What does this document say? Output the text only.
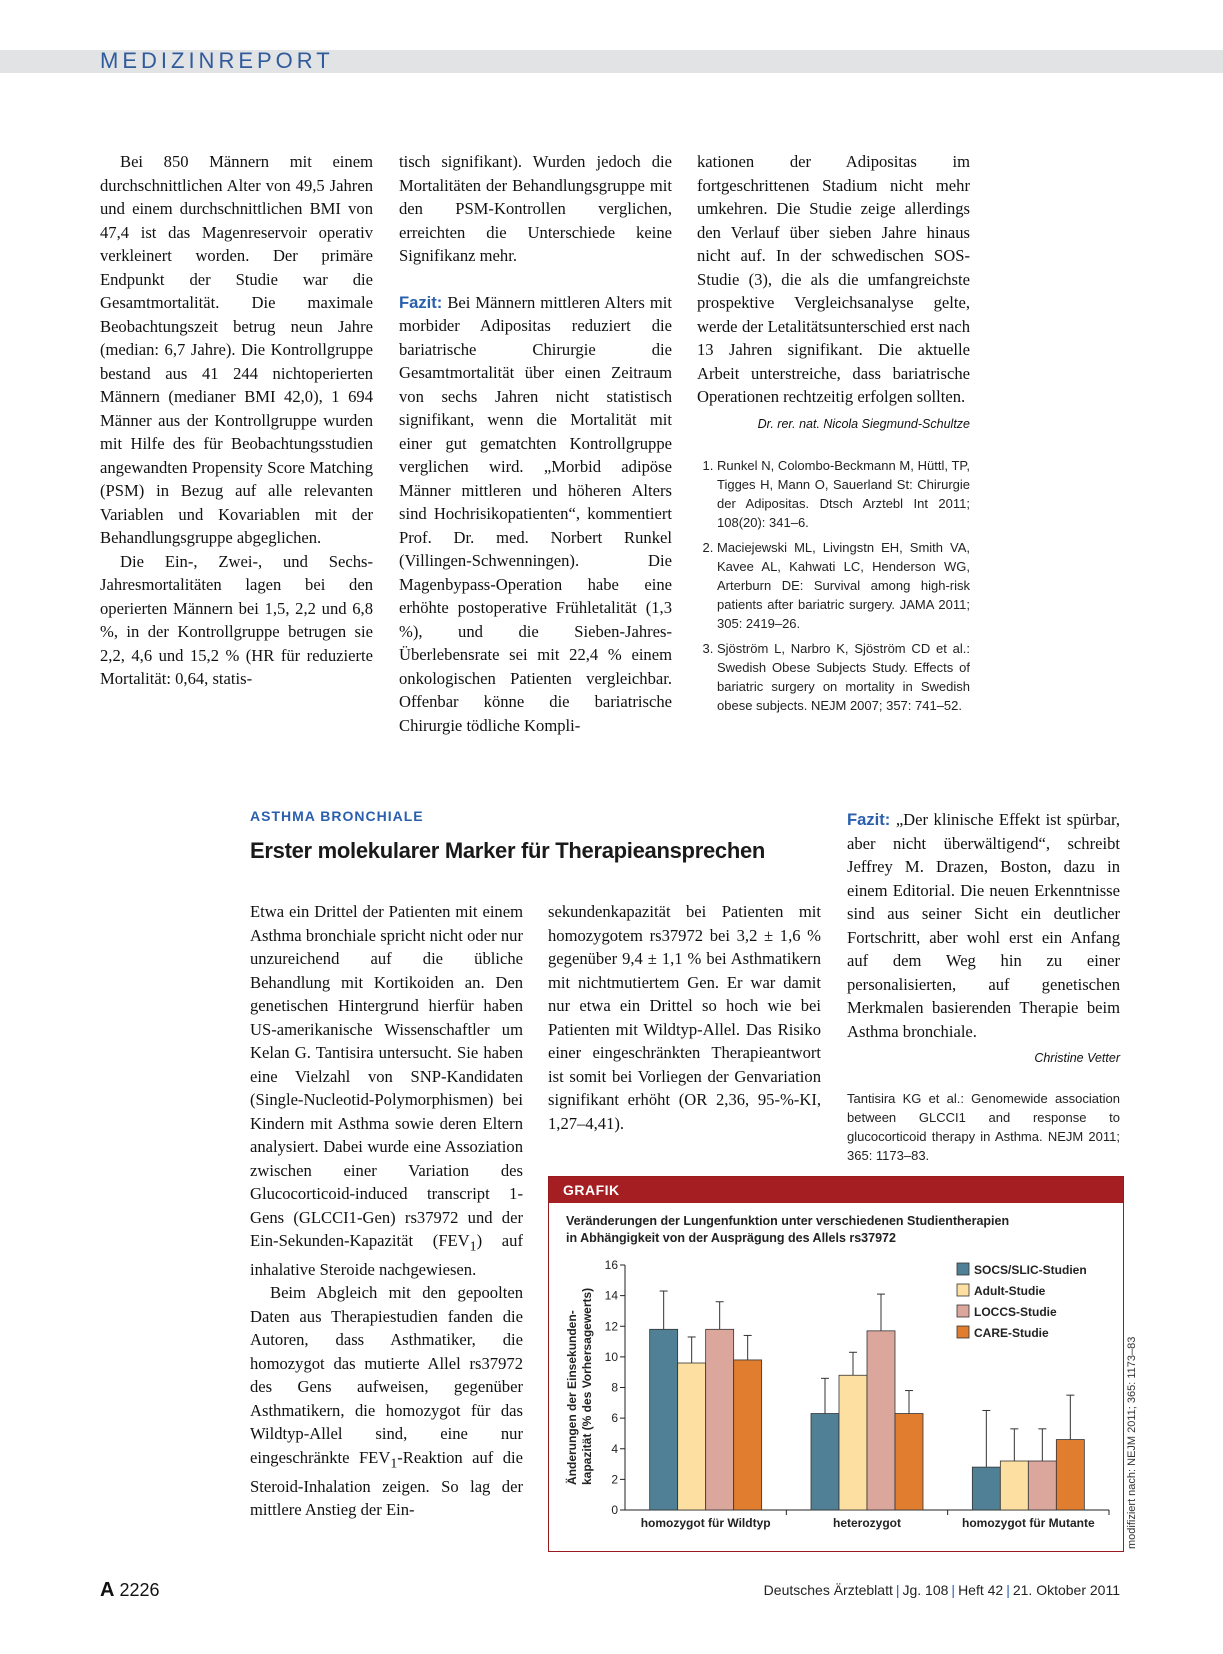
MEDIZINREPORT

Bei 850 Männern mit einem durchschnittlichen Alter von 49,5 Jahren und einem durchschnittlichen BMI von 47,4 ist das Magenreservoir operativ verkleinert worden. Der primäre Endpunkt der Studie war die Gesamtmortalität. Die maximale Beobachtungszeit betrug neun Jahre (median: 6,7 Jahre). Die Kontrollgruppe bestand aus 41 244 nichtoperierten Männern (medianer BMI 42,0), 1 694 Männer aus der Kontrollgruppe wurden mit Hilfe des für Beobachtungsstudien angewandten Propensity Score Matching (PSM) in Bezug auf alle relevanten Variablen und Kovariablen mit der Behandlungsgruppe abgeglichen.

Die Ein-, Zwei-, und Sechs-Jahresmortalitäten lagen bei den operierten Männern bei 1,5, 2,2 und 6,8 %, in der Kontrollgruppe betrugen sie 2,2, 4,6 und 15,2 % (HR für reduzierte Mortalität: 0,64, statis-

tisch signifikant). Wurden jedoch die Mortalitäten der Behandlungsgruppe mit den PSM-Kontrollen verglichen, erreichten die Unterschiede keine Signifikanz mehr.

Fazit: Bei Männern mittleren Alters mit morbider Adipositas reduziert die bariatrische Chirurgie die Gesamtmortalität über einen Zeitraum von sechs Jahren nicht statistisch signifikant, wenn die Mortalität mit einer gut gematchten Kontrollgruppe verglichen wird. „Morbid adipöse Männer mittleren und höheren Alters sind Hochrisikopatienten“, kommentiert Prof. Dr. med. Norbert Runkel (Villingen-Schwenningen). Die Magenbypass-Operation habe eine erhöhte postoperative Frühletalität (1,3 %), und die Sieben-Jahres-Überlebensrate sei mit 22,4 % einem onkologischen Patienten vergleichbar. Offenbar könne die bariatrische Chirurgie tödliche Kompli-

kationen der Adipositas im fortgeschrittenen Stadium nicht mehr umkehren. Die Studie zeige allerdings den Verlauf über sieben Jahre hinaus nicht auf. In der schwedischen SOS-Studie (3), die als die umfangreichste prospektive Vergleichsanalyse gelte, werde der Letalitätsunterschied erst nach 13 Jahren signifikant. Die aktuelle Arbeit unterstreiche, dass bariatrische Operationen rechtzeitig erfolgen sollten.

Dr. rer. nat. Nicola Siegmund-Schultze
1. Runkel N, Colombo-Beckmann M, Hüttl, TP, Tigges H, Mann O, Sauerland St: Chirurgie der Adipositas. Dtsch Arztebl Int 2011; 108(20): 341–6.
2. Maciejewski ML, Livingstn EH, Smith VA, Kavee AL, Kahwati LC, Henderson WG, Arterburn DE: Survival among high-risk patients after bariatric surgery. JAMA 2011; 305: 2419–26.
3. Sjöström L, Narbro K, Sjöström CD et al.: Swedish Obese Subjects Study. Effects of bariatric surgery on mortality in Swedish obese subjects. NEJM 2007; 357: 741–52.
ASTHMA BRONCHIALE
Erster molekularer Marker für Therapieansprechen

Etwa ein Drittel der Patienten mit einem Asthma bronchiale spricht nicht oder nur unzureichend auf die übliche Behandlung mit Kortikoiden an. Den genetischen Hintergrund hierfür haben US-amerikanische Wissenschaftler um Kelan G. Tantisira untersucht. Sie haben eine Vielzahl von SNP-Kandidaten (Single-Nucleotid-Polymorphismen) bei Kindern mit Asthma sowie deren Eltern analysiert. Dabei wurde eine Assoziation zwischen einer Variation des Glucocorticoid-induced transcript 1-Gens (GLCCI1-Gen) rs37972 und der Ein-Sekunden-Kapazität $(FEV_1)$ auf inhalative Steroide nachgewiesen.

Beim Abgleich mit den gepoolten Daten aus Therapiestudien fanden die Autoren, dass Asthmatiker, die homozygot das mutierte Allel rs37972 des Gens aufweisen, gegenüber Asthmatikern, die homozygot für das Wildtyp-Allel sind, eine nur eingeschränkte $FEV_1$-Reaktion auf die Steroid-Inhalation zeigen. So lag der mittlere Anstieg der Ein-

sekundenkapazität bei Patienten mit homozygotem rs37972 bei 3,2 ± 1,6 % gegenüber 9,4 ± 1,1 % bei Asthmatikern mit nichtmutiertem Gen. Er war damit nur etwa ein Drittel so hoch wie bei Patienten mit Wildtyp-Allel. Das Risiko einer eingeschränkten Therapieantwort ist somit bei Vorliegen der Genvariation signifikant erhöht (OR 2,36, 95-%-KI, 1,27–4,41).

Fazit: „Der klinische Effekt ist spürbar, aber nicht überwältigend“, schreibt Jeffrey M. Drazen, Boston, dazu in einem Editorial. Die neuen Erkenntnisse sind aus seiner Sicht ein deutlicher Fortschritt, aber wohl erst ein Anfang auf dem Weg hin zu einer personalisierten, auf genetischen Merkmalen basierenden Therapie beim Asthma bronchiale.

Christine Vetter
Tantisira KG et al.: Genomewide association between GLCCI1 and response to glucocorticoid therapy in Asthma. NEJM 2011; 365: 1173–83.
GRAFIK
Veränderungen der Lungenfunktion unter verschiedenen Studientherapien
in Abhängigkeit von der Ausprägung des Allels rs37972
0
2
4
6
8
10
12
14
16
homozygot für Wildtyp	heterozygot	homozygot für Mutante
SOCS/SLIC-Studien
Adult-Studie
LOCCS-Studie
CARE-Studie
Änderungen der Einsekunden- kapazität (% des Vorhersagewerts)	modifiziert nach: NEJM 2011; 365: 1173–83
A 2226	Deutsches Ärzteblatt | Jg. 108 | Heft 42 | 21. Oktober 2011
